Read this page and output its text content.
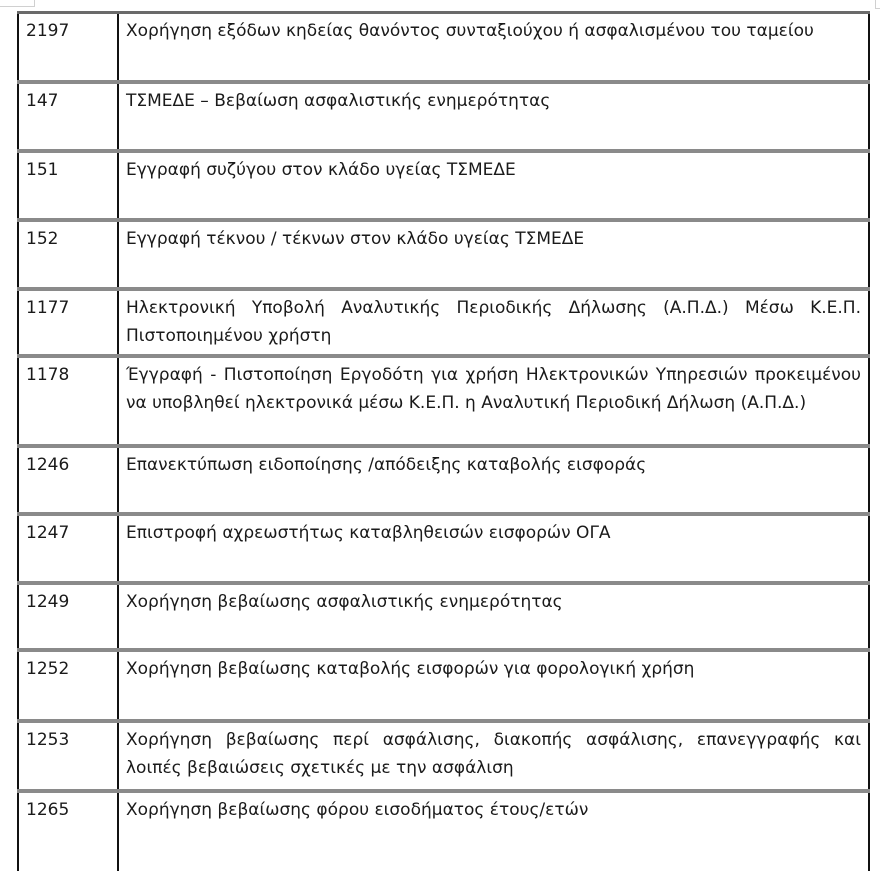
2197	Χορήγηση εξόδων κηδείας θανόντος συνταξιούχου ή ασφαλισμένου του ταμείου
147	ΤΣΜΕΔΕ – Βεβαίωση ασφαλιστικής ενημερότητας
151	Εγγραφή συζύγου στον κλάδο υγείας ΤΣΜΕΔΕ
152	Εγγραφή τέκνου / τέκνων στον κλάδο υγείας ΤΣΜΕΔΕ
1177	Ηλεκτρονική Υποβολή Αναλυτικής Περιοδικής Δήλωσης (Α.Π.Δ.) Μέσω Κ.Ε.Π. Πιστοποιημένου χρήστη
1178	Έγγραφή - Πιστοποίηση Εργοδότη για χρήση Ηλεκτρονικών Υπηρεσιών προκειμένου να υποβληθεί ηλεκτρονικά μέσω Κ.Ε.Π. η Αναλυτική Περιοδική Δήλωση (Α.Π.Δ.)
1246	Επανεκτύπωση ειδοποίησης /απόδειξης καταβολής εισφοράς
1247	Επιστροφή αχρεωστήτως καταβληθεισών εισφορών ΟΓΑ
1249	Χορήγηση βεβαίωσης ασφαλιστικής ενημερότητας
1252	Χορήγηση βεβαίωσης καταβολής εισφορών για φορολογική χρήση
1253	Χορήγηση βεβαίωσης περί ασφάλισης, διακοπής ασφάλισης, επανεγγραφής και λοιπές βεβαιώσεις σχετικές με την ασφάλιση
1265	Χορήγηση βεβαίωσης φόρου εισοδήματος έτους/ετών
